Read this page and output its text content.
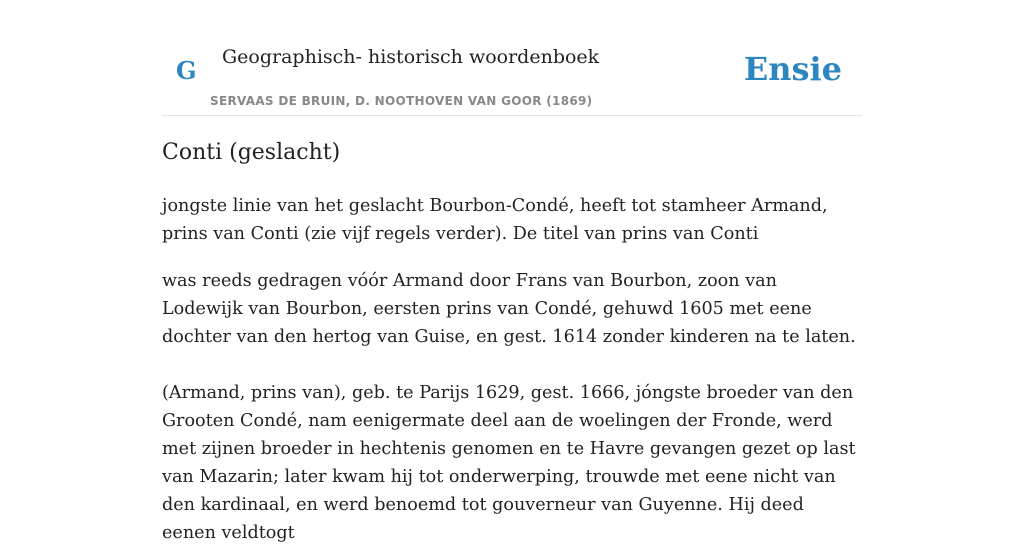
G Geographisch- historisch woordenboek
SERVAAS DE BRUIN, D. NOOTHOVEN VAN GOOR (1869)
Ensie
Conti (geslacht)

jongste linie van het geslacht Bourbon-Condé, heeft tot stamheer Armand, prins van Conti (zie vijf regels verder). De titel van prins van Conti

was reeds gedragen vóór Armand door Frans van Bourbon, zoon van Lodewijk van Bourbon, eersten prins van Condé, gehuwd 1605 met eene dochter van den hertog van Guise, en gest. 1614 zonder kinderen na te laten.

(Armand, prins van), geb. te Parijs 1629, gest. 1666, jóngste broeder van den Grooten Condé, nam eenigermate deel aan de woelingen der Fronde, werd met zijnen broeder in hechtenis genomen en te Havre gevangen gezet op last van Mazarin; later kwam hij tot onderwerping, trouwde met eene nicht van den kardinaal, en werd benoemd tot gouverneur van Guyenne. Hij deed eenen veldtogt
